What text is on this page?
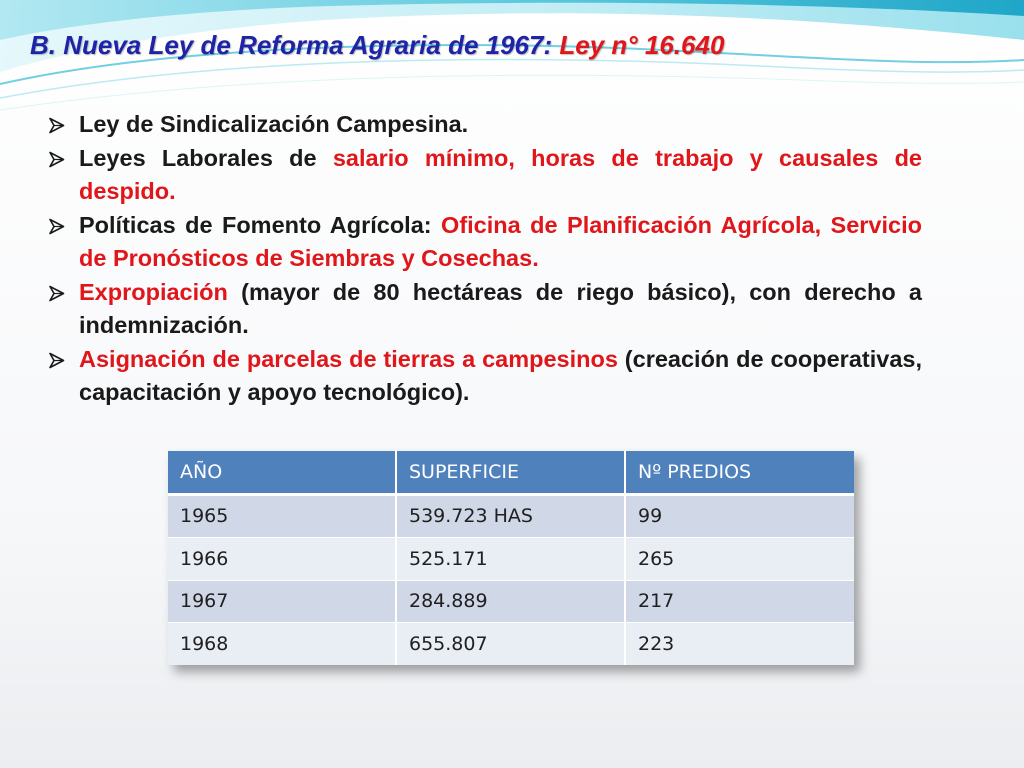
B. Nueva Ley de Reforma Agraria de 1967: Ley n° 16.640
Ley de Sindicalización Campesina.
Leyes Laborales de salario mínimo, horas de trabajo y causales de despido.
Políticas de Fomento Agrícola: Oficina de Planificación Agrícola, Servicio de Pronósticos de Siembras y Cosechas.
Expropiación (mayor de 80 hectáreas de riego básico), con derecho a indemnización.
Asignación de parcelas de tierras a campesinos (creación de cooperativas, capacitación y apoyo tecnológico).
AÑO	SUPERFICIE	Nº PREDIOS
1965	539.723 HAS	99
1966	525.171	265
1967	284.889	217
1968	655.807	223
